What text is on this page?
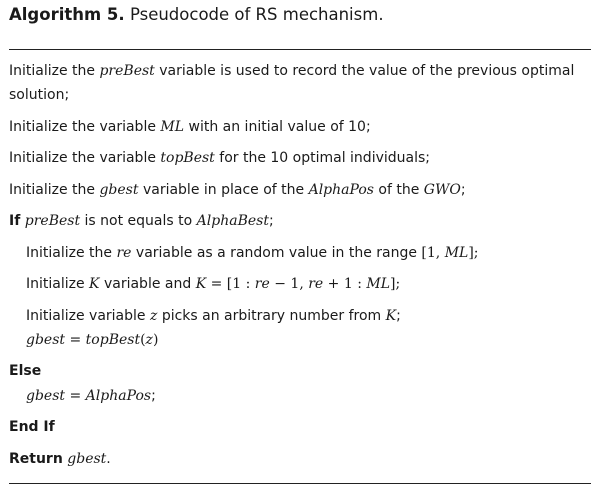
Algorithm 5. Pseudocode of RS mechanism.
Initialize the preBest variable is used to record the value of the previous optimal
solution;
Initialize the variable ML with an initial value of 10;
Initialize the variable topBest for the 10 optimal individuals;
Initialize the gbest variable in place of the AlphaPos of the GWO;
If preBest is not equals to AlphaBest;
Initialize the re variable as a random value in the range [1, ML];
Initialize K variable and K = [1 : re − 1, re + 1 : ML];
Initialize variable z picks an arbitrary number from K;
gbest = topBest(z)
Else
gbest = AlphaPos;
End If
Return gbest.
